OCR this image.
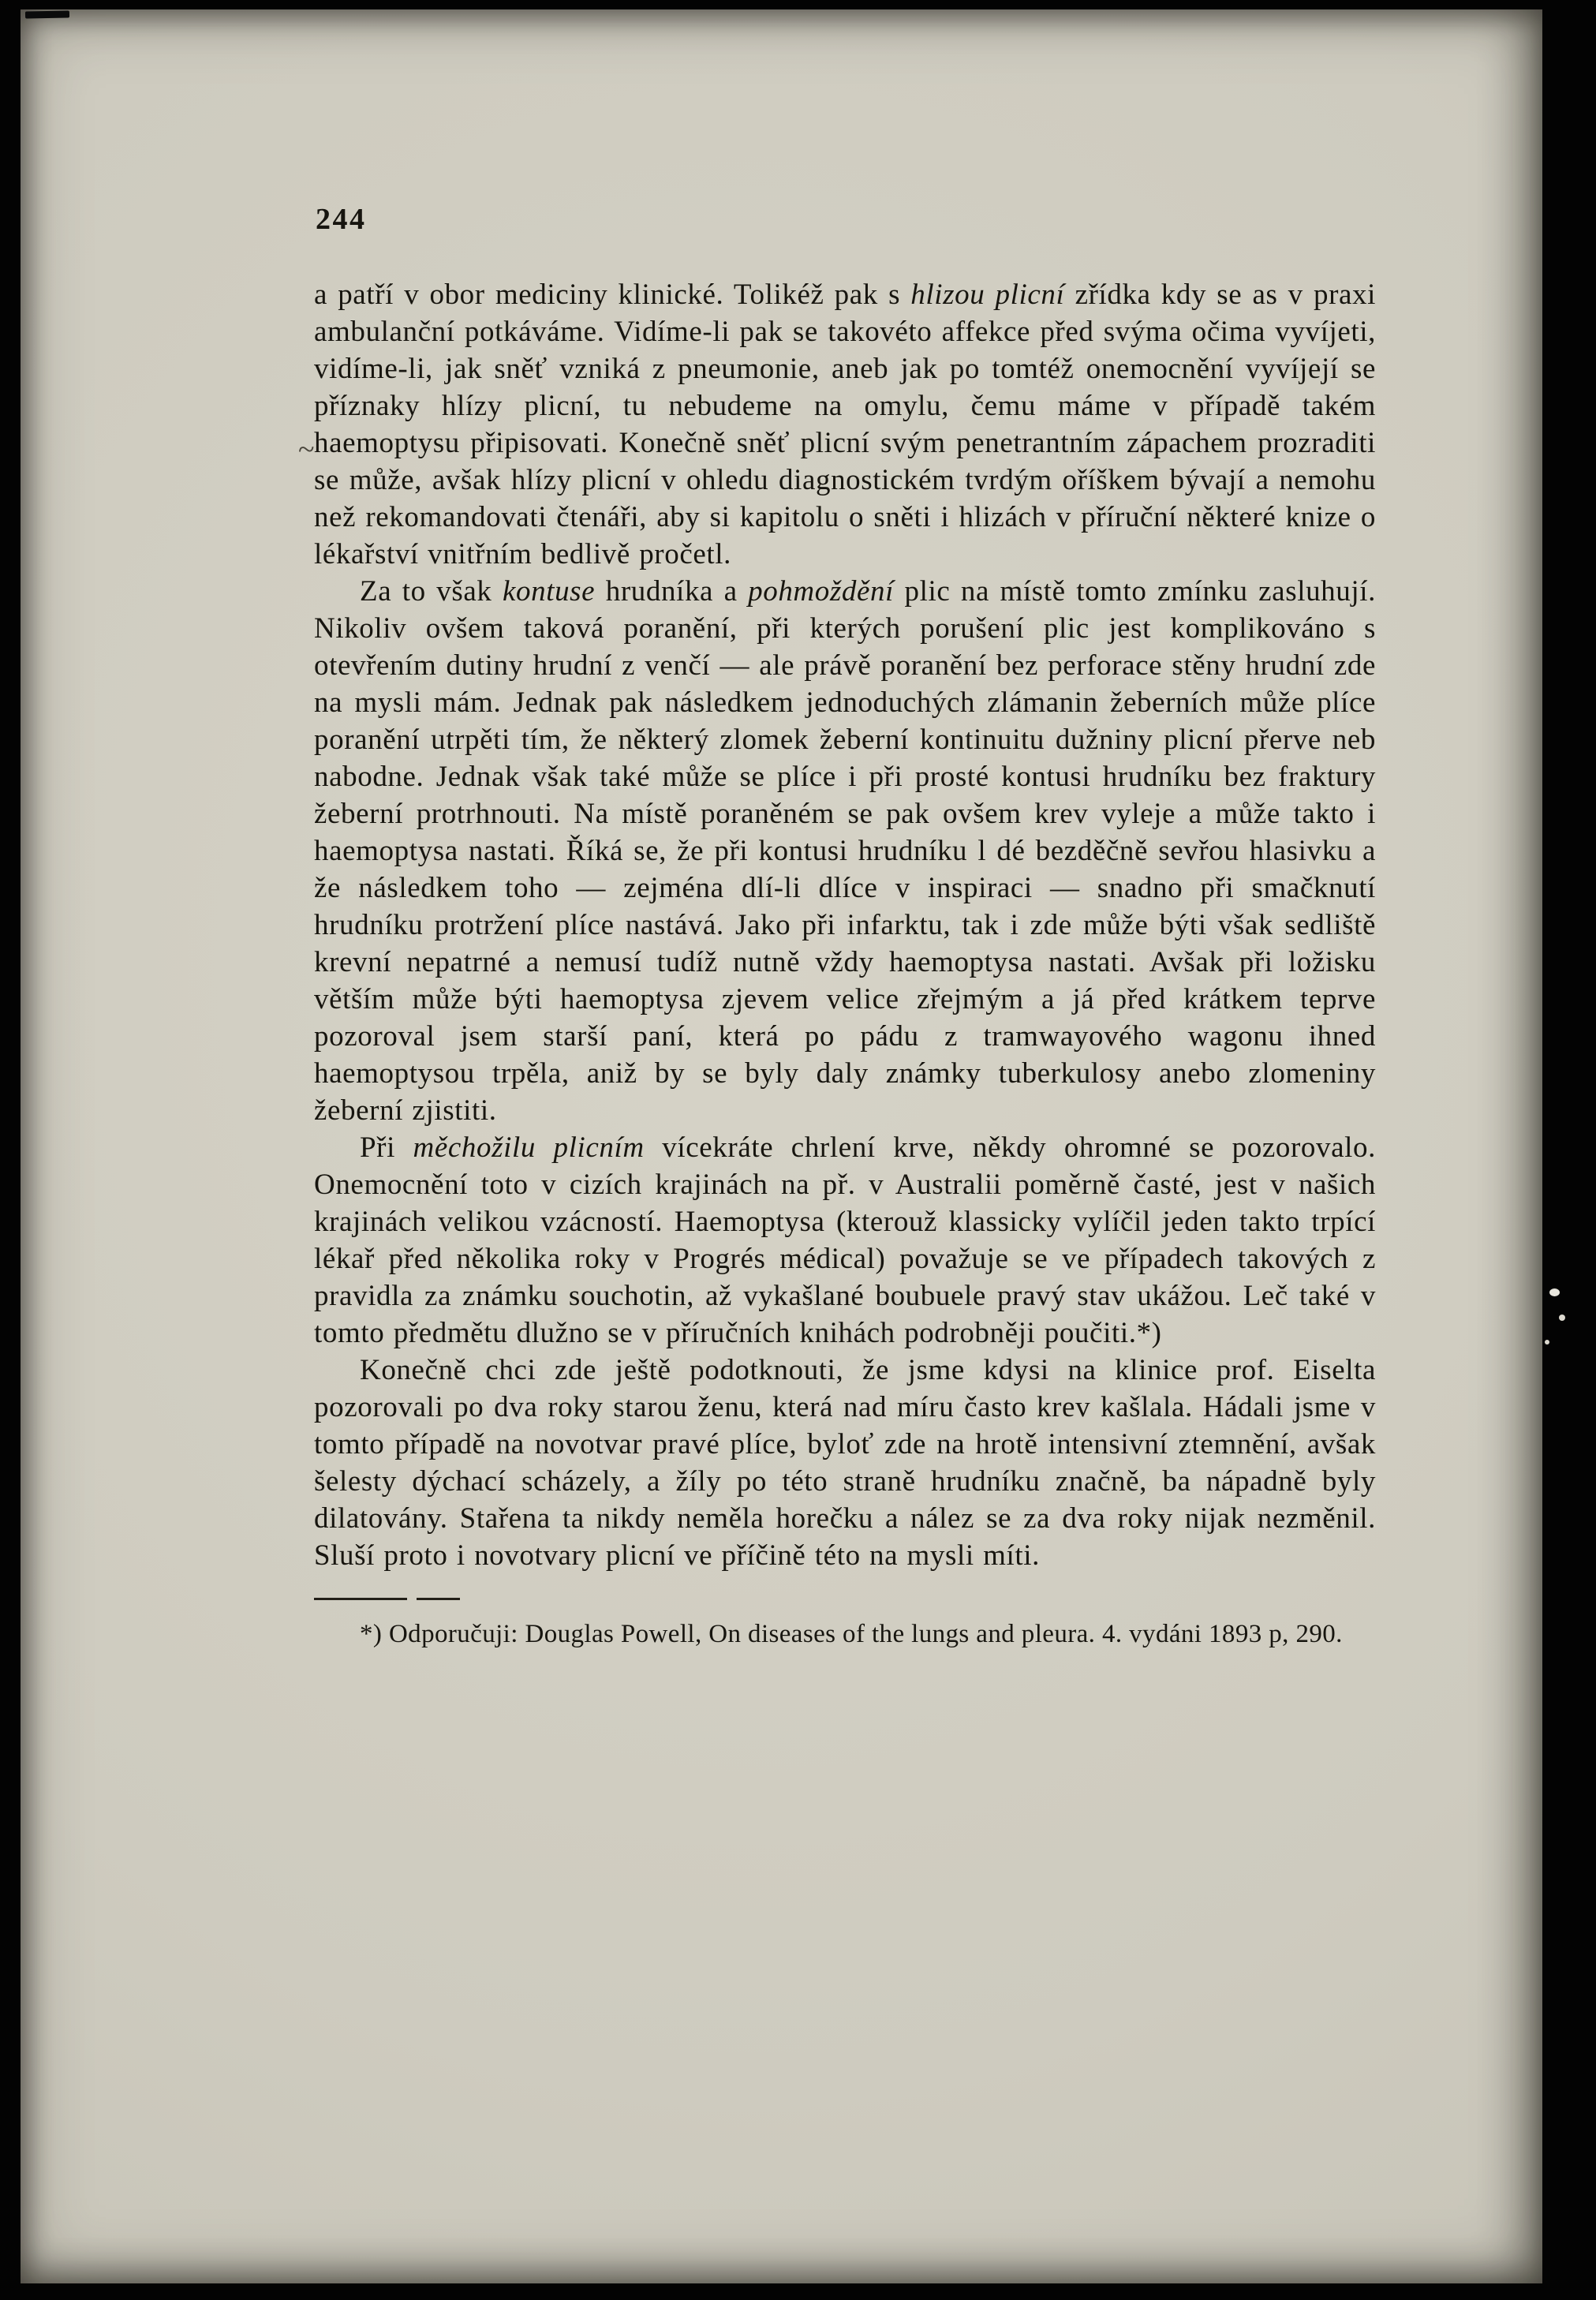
~
244

a patří v obor mediciny klinické. Tolikéž pak s hlizou plicní zřídka kdy se as v praxi ambulanční potkáváme. Vidíme-li pak se takovéto affekce před svýma očima vyvíjeti, vidíme-li, jak sněť vzniká z pneumonie, aneb jak po tomtéž onemocnění vyvíjejí se příznaky hlízy plicní, tu nebudeme na omylu, čemu máme v případě takém haemoptysu připisovati. Konečně sněť plicní svým penetrantním zápachem prozraditi se může, avšak hlízy plicní v ohledu diagnostickém tvrdým oříškem bývají a nemohu než rekomandovati čtenáři, aby si kapitolu o sněti i hlizách v příruční některé knize o lékařství vnitřním bedlivě pročetl.

Za to však kontuse hrudníka a pohmoždění plic na místě tomto zmínku zasluhují. Nikoliv ovšem taková poranění, při kterých porušení plic jest komplikováno s otevřením dutiny hrudní z venčí — ale právě poranění bez perforace stěny hrudní zde na mysli mám. Jednak pak následkem jednoduchých zlámanin žeberních může plíce poranění utrpěti tím, že některý zlomek žeberní kontinuitu dužniny plicní přerve neb nabodne. Jednak však také může se plíce i při prosté kontusi hrudníku bez fraktury žeberní protrhnouti. Na místě poraněném se pak ovšem krev vyleje a může takto i haemoptysa nastati. Říká se, že při kontusi hrudníku l dé bezděčně sevřou hlasivku a že následkem toho — zejména dlí-li dlíce v inspiraci — snadno při smačknutí hrudníku protržení plíce nastává. Jako při infarktu, tak i zde může býti však sedliště krevní nepatrné a nemusí tudíž nutně vždy haemoptysa nastati. Avšak při ložisku větším může býti haemoptysa zjevem velice zřejmým a já před krátkem teprve pozoroval jsem starší paní, která po pádu z tramwayového wagonu ihned haemoptysou trpěla, aniž by se byly daly známky tuberkulosy anebo zlomeniny žeberní zjistiti.

Při měchožilu plicním vícekráte chrlení krve, někdy ohromné se pozorovalo. Onemocnění toto v cizích krajinách na př. v Australii poměrně časté, jest v našich krajinách velikou vzácností. Haemoptysa (kterouž klassicky vylíčil jeden takto trpící lékař před několika roky v Progrés médical) považuje se ve případech takových z pravidla za známku souchotin, až vykašlané boubuele pravý stav ukážou. Leč také v tomto předmětu dlužno se v příručních knihách podrobněji poučiti.*)

Konečně chci zde ještě podotknouti, že jsme kdysi na klinice prof. Eiselta pozorovali po dva roky starou ženu, která nad míru často krev kašlala. Hádali jsme v tomto případě na novotvar pravé plíce, byloť zde na hrotě intensivní ztemnění, avšak šelesty dýchací scházely, a žíly po této straně hrudníku značně, ba nápadně byly dilatovány. Stařena ta nikdy neměla horečku a nález se za dva roky nijak nezměnil. Sluší proto i novotvary plicní ve příčině této na mysli míti.

*) Odporučuji: Douglas Powell, On diseases of the lungs and pleura. 4. vydáni 1893 p, 290.
